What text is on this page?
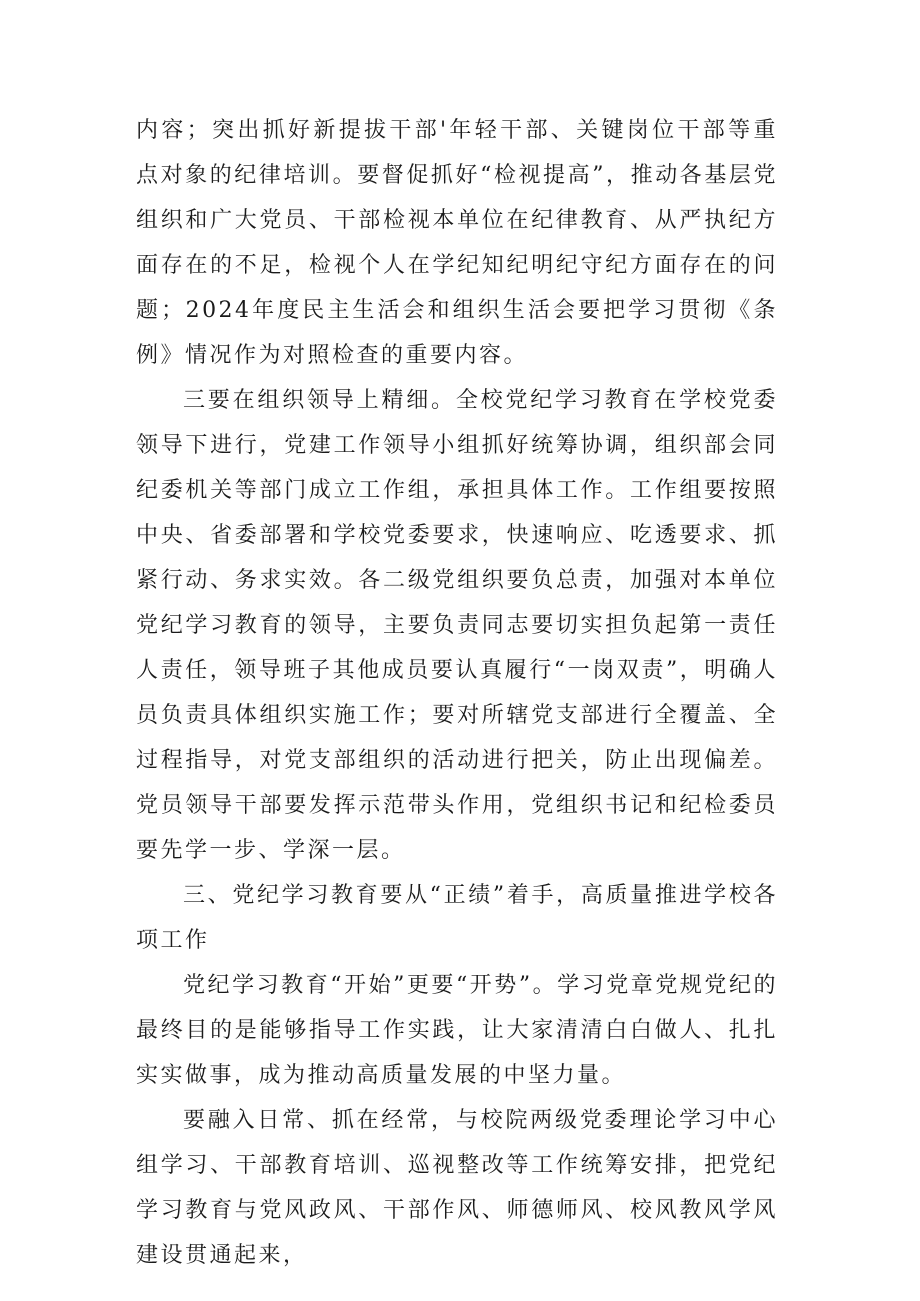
内容；突出抓好新提拔干部'年轻干部、关键岗位干部等重点对象的纪律培训。要督促抓好“检视提高”，推动各基层党组织和广大党员、干部检视本单位在纪律教育、从严执纪方面存在的不足，检视个人在学纪知纪明纪守纪方面存在的问题；2024年度民主生活会和组织生活会要把学习贯彻《条例》情况作为对照检查的重要内容。

三要在组织领导上精细。全校党纪学习教育在学校党委领导下进行，党建工作领导小组抓好统筹协调，组织部会同纪委机关等部门成立工作组，承担具体工作。工作组要按照中央、省委部署和学校党委要求，快速响应、吃透要求、抓紧行动、务求实效。各二级党组织要负总责，加强对本单位党纪学习教育的领导，主要负责同志要切实担负起第一责任人责任，领导班子其他成员要认真履行“一岗双责”，明确人员负责具体组织实施工作；要对所辖党支部进行全覆盖、全过程指导，对党支部组织的活动进行把关，防止出现偏差。党员领导干部要发挥示范带头作用，党组织书记和纪检委员要先学一步、学深一层。

三、党纪学习教育要从“正绩”着手，高质量推进学校各项工作

党纪学习教育“开始”更要“开势”。学习党章党规党纪的最终目的是能够指导工作实践，让大家清清白白做人、扎扎实实做事，成为推动高质量发展的中坚力量。

要融入日常、抓在经常，与校院两级党委理论学习中心组学习、干部教育培训、巡视整改等工作统筹安排，把党纪学习教育与党风政风、干部作风、师德师风、校风教风学风建设贯通起来，
